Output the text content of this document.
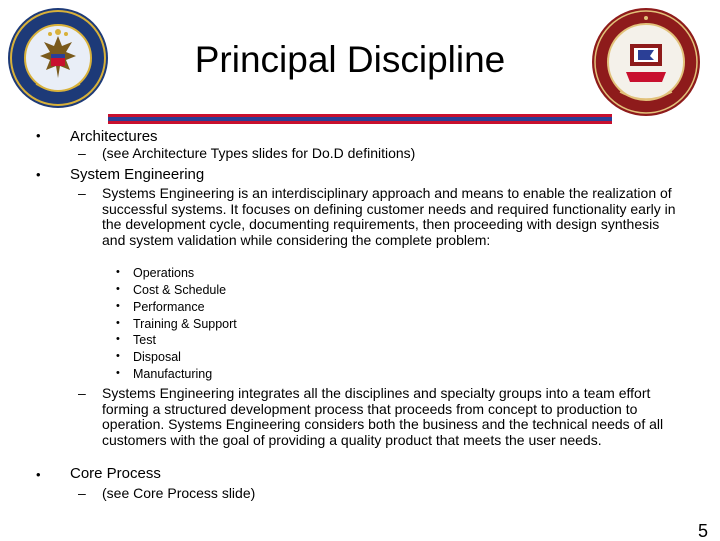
Principal Discipline
• Architectures

– (see Architecture Types slides for Do.D definitions)

• System Engineering

– Systems Engineering is an interdisciplinary approach and means to enable the realization of successful systems. It focuses on defining customer needs and required functionality early in the development cycle, documenting requirements, then proceeding with design synthesis and system validation while considering the complete problem:

• Operations

• Cost & Schedule

• Performance

• Training & Support

• Test

• Disposal

• Manufacturing

– Systems Engineering integrates all the disciplines and specialty groups into a team effort forming a structured development process that proceeds from concept to production to operation. Systems Engineering considers both the business and the technical needs of all customers with the goal of providing a quality product that meets the user needs.

• Core Process

– (see Core Process slide)

5
